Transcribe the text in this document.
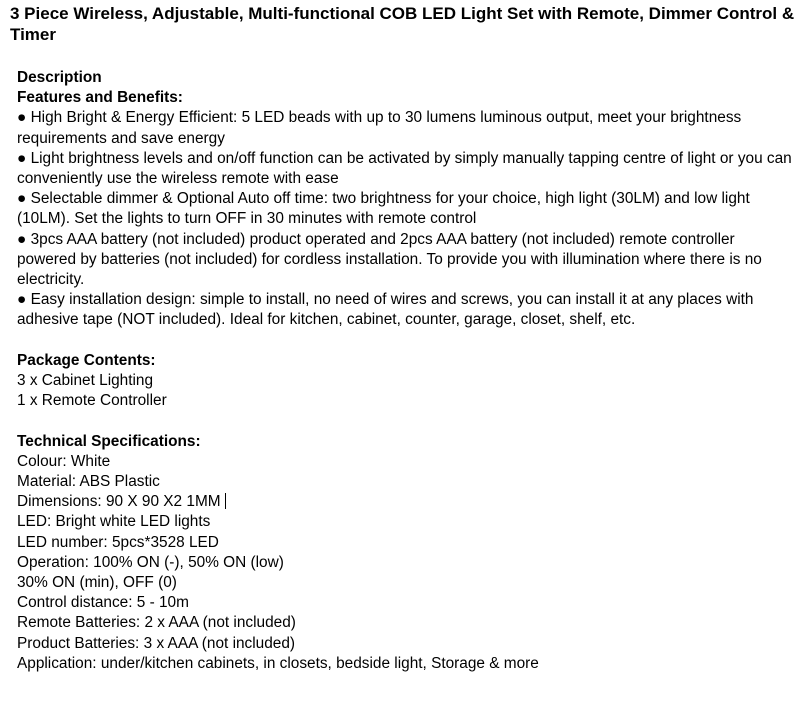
3 Piece Wireless, Adjustable, Multi-functional COB LED Light Set with Remote, Dimmer Control & Timer
Description
Features and Benefits:
● High Bright & Energy Efficient: 5 LED beads with up to 30 lumens luminous output, meet your brightness requirements and save energy
● Light brightness levels and on/off function can be activated by simply manually tapping centre of light or you can conveniently use the wireless remote with ease
● Selectable dimmer & Optional Auto off time: two brightness for your choice, high light (30LM) and low light (10LM). Set the lights to turn OFF in 30 minutes with remote control
● 3pcs AAA battery (not included) product operated and 2pcs AAA battery (not included) remote controller powered by batteries (not included) for cordless installation. To provide you with illumination where there is no electricity.
● Easy installation design: simple to install, no need of wires and screws, you can install it at any places with adhesive tape (NOT included). Ideal for kitchen, cabinet, counter, garage, closet, shelf, etc.
Package Contents:
3 x Cabinet Lighting
1 x Remote Controller
Technical Specifications:
Colour: White
Material: ABS Plastic
Dimensions: 90 X 90 X2 1MM
LED: Bright white LED lights
LED number: 5pcs*3528 LED
Operation: 100% ON (-), 50% ON (low)
30% ON (min), OFF (0)
Control distance: 5 - 10m
Remote Batteries: 2 x AAA (not included)
Product Batteries: 3 x AAA (not included)
Application: under/kitchen cabinets, in closets, bedside light, Storage & more
